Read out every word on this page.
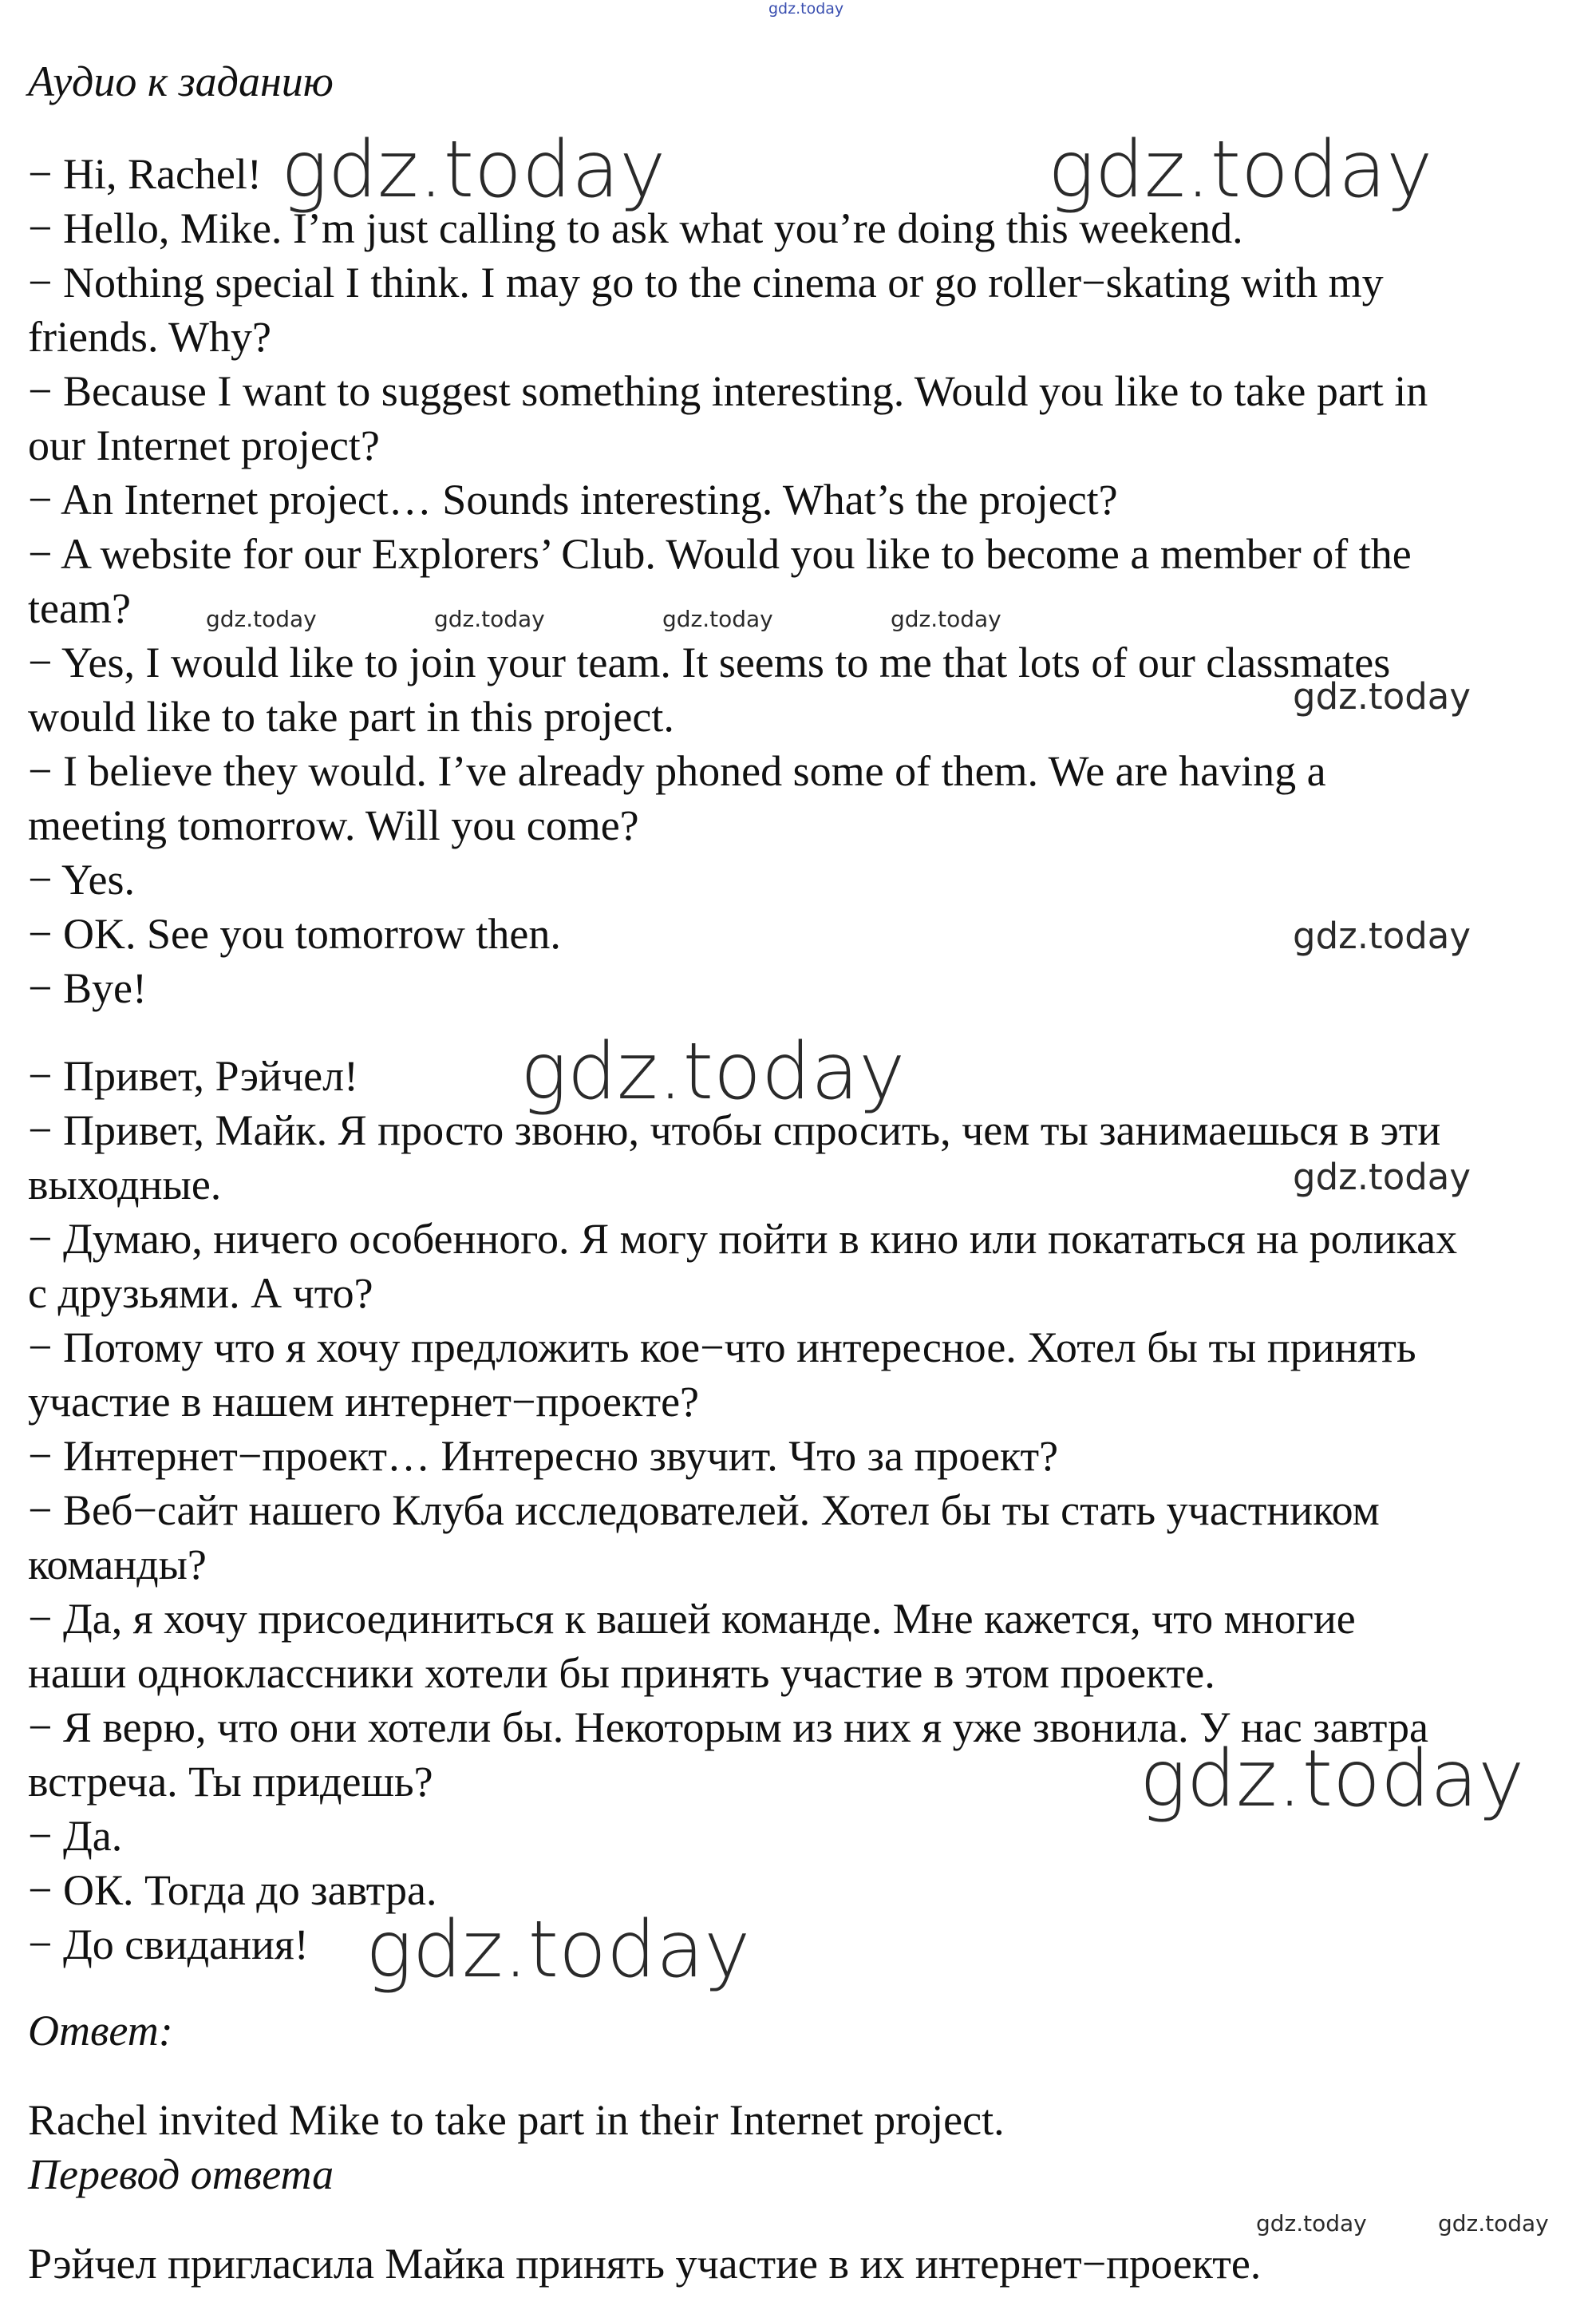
gdz.today
Аудио к заданию
− Hi, Rachel!
− Hello, Mike. I’m just calling to ask what you’re doing this weekend.
− Nothing special I think. I may go to the cinema or go roller−skating with my
friends. Why?
− Because I want to suggest something interesting. Would you like to take part in
our Internet project?
− An Internet project… Sounds interesting. What’s the project?
− A website for our Explorers’ Club. Would you like to become a member of the
team?
− Yes, I would like to join your team. It seems to me that lots of our classmates
would like to take part in this project.
− I believe they would. I’ve already phoned some of them. We are having a
meeting tomorrow. Will you come?
− Yes.
− OK. See you tomorrow then.
− Bye!
− Привет, Рэйчел!
− Привет, Майк. Я просто звоню, чтобы спросить, чем ты занимаешься в эти
выходные.
− Думаю, ничего особенного. Я могу пойти в кино или покататься на роликах
с друзьями. А что?
− Потому что я хочу предложить кое−что интересное. Хотел бы ты принять
участие в нашем интернет−проекте?
− Интернет−проект… Интересно звучит. Что за проект?
− Веб−сайт нашего Клуба исследователей. Хотел бы ты стать участником
команды?
− Да, я хочу присоединиться к вашей команде. Мне кажется, что многие
наши одноклассники хотели бы принять участие в этом проекте.
− Я верю, что они хотели бы. Некоторым из них я уже звонила. У нас завтра
встреча. Ты придешь?
− Да.
− ОК. Тогда до завтра.
− До свидания!
Ответ:
Rachel invited Mike to take part in their Internet project.
Перевод ответа
Рэйчел пригласила Майка принять участие в их интернет−проекте.
gdz.today	gdz.today
gdz.today	gdz.today	gdz.today	gdz.today
gdz.today
gdz.today
gdz.today
gdz.today
gdz.today
gdz.today
gdz.today	gdz.today
